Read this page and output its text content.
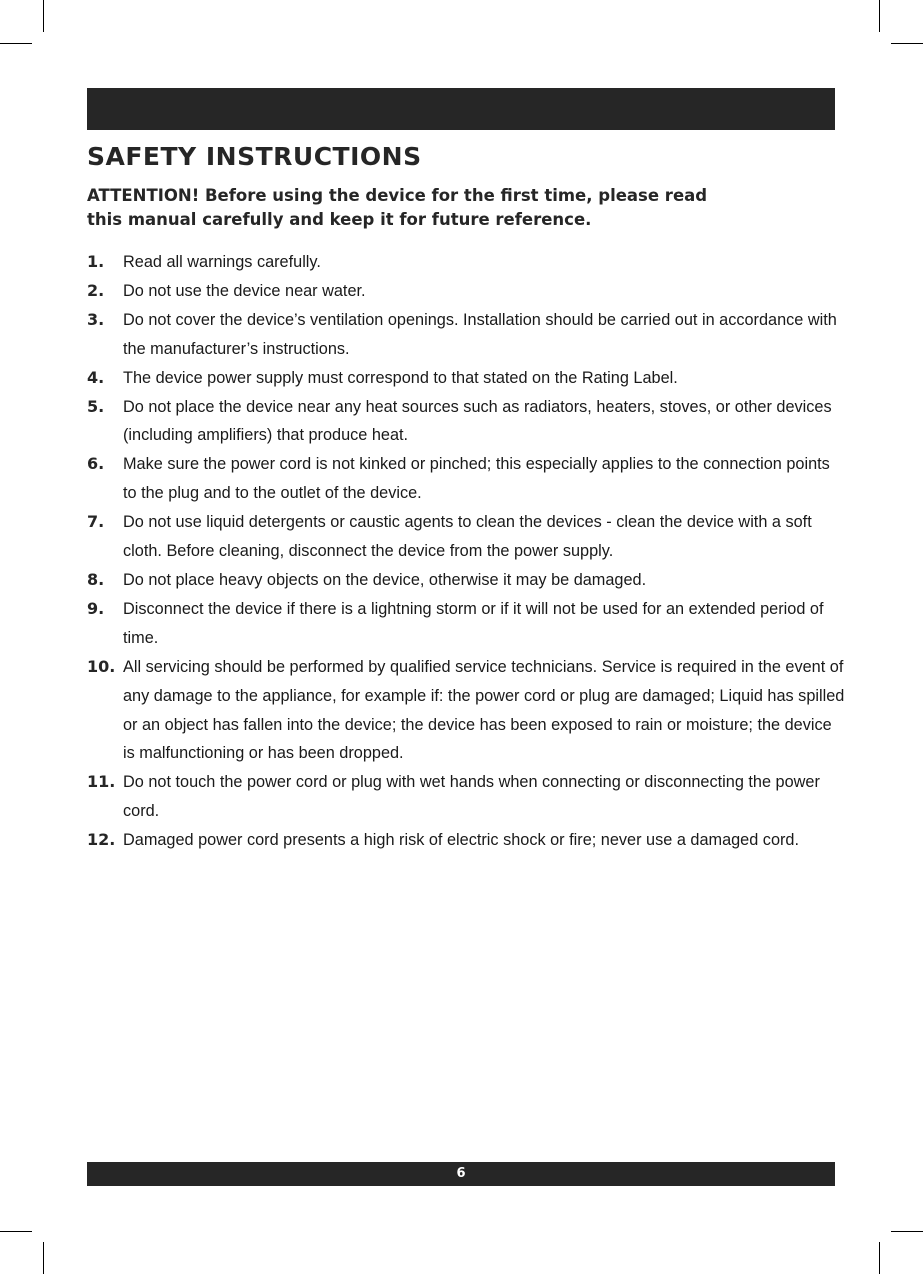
SAFETY INSTRUCTIONS

ATTENTION! Before using the device for the first time, please read
this manual carefully and keep it for future reference.

1. Read all warnings carefully.
2. Do not use the device near water.
3. Do not cover the device’s ventilation openings. Installation should be carried out in accordance with the manufacturer’s instructions.
4. The device power supply must correspond to that stated on the Rating Label.
5. Do not place the device near any heat sources such as radiators, heaters, stoves, or other devices (including amplifiers) that produce heat.
6. Make sure the power cord is not kinked or pinched; this especially applies to the connection points to the plug and to the outlet of the device.
7. Do not use liquid detergents or caustic agents to clean the devices - clean the device with a soft cloth. Before cleaning, disconnect the device from the power supply.
8. Do not place heavy objects on the device, otherwise it may be damaged.
9. Disconnect the device if there is a lightning storm or if it will not be used for an extended period of time.
10. All servicing should be performed by qualified service technicians. Service is required in the event of any damage to the appliance, for example if: the power cord or plug are damaged; Liquid has spilled or an object has fallen into the device; the device has been exposed to rain or moisture; the device is malfunctioning or has been dropped.
11. Do not touch the power cord or plug with wet hands when connecting or disconnecting the power cord.
12. Damaged power cord presents a high risk of electric shock or fire; never use a damaged cord.
6
